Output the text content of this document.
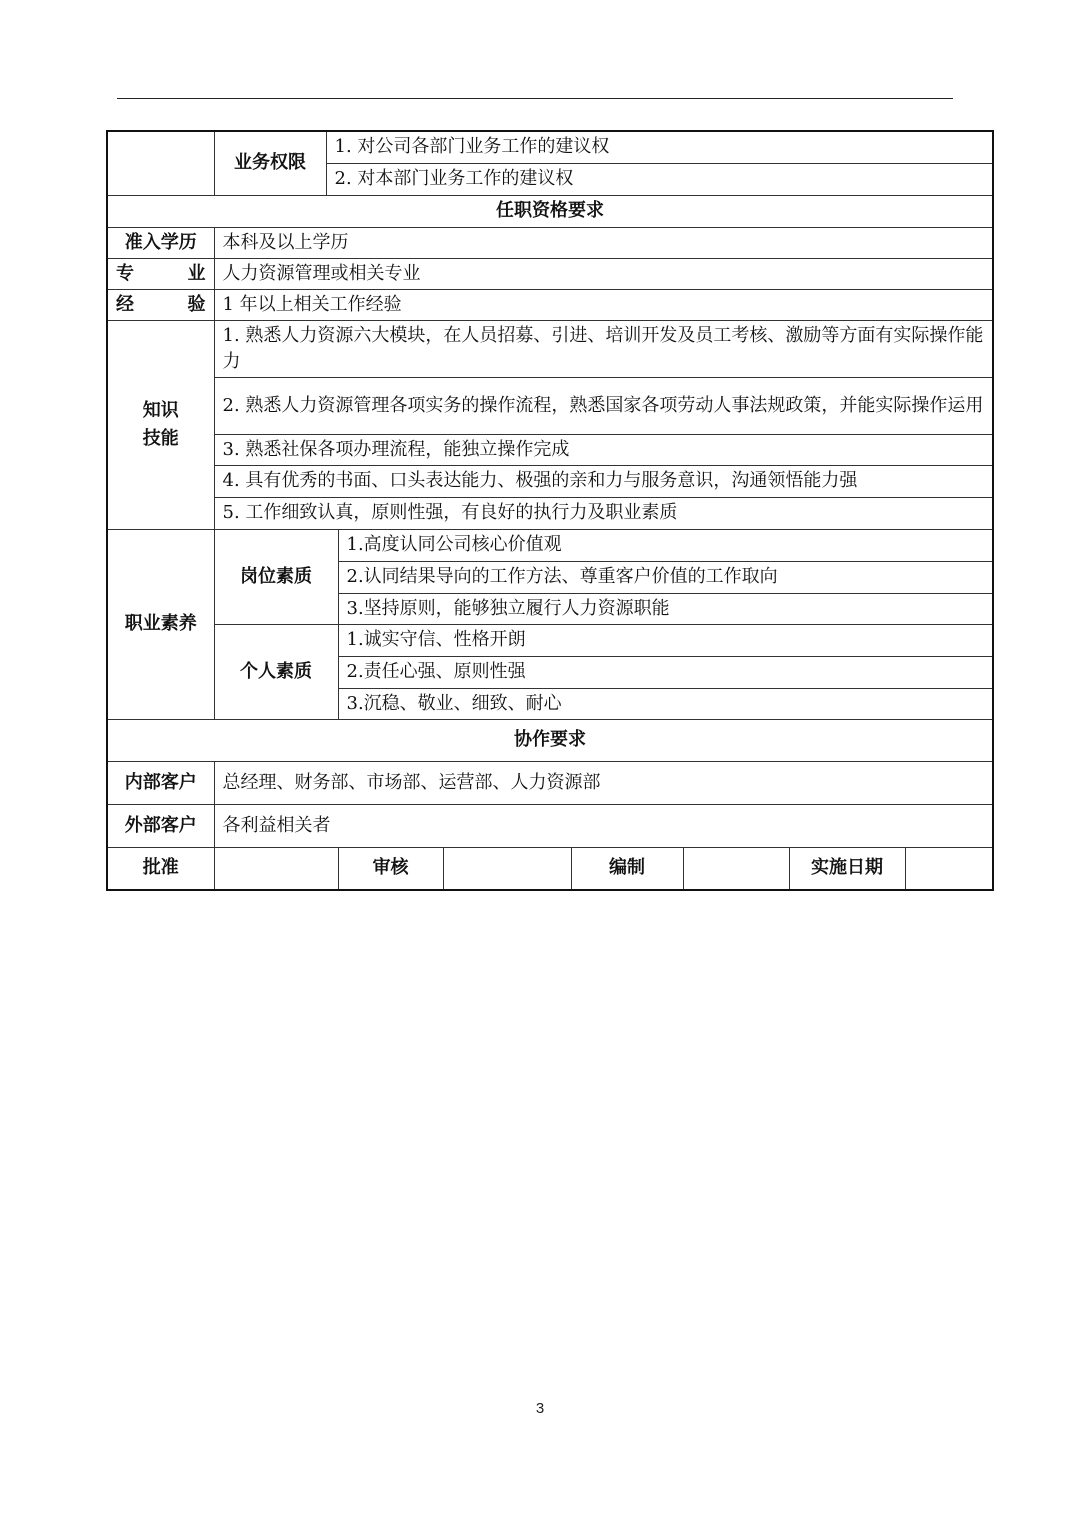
	业务权限	1. 对公司各部门业务工作的建议权						
		2. 对本部门业务工作的建议权						
任职资格要求								
准入学历	本科及以上学历							
专业	人力资源管理或相关专业							
经验	1 年以上相关工作经验							
知识
技能	1. 熟悉人力资源六大模块，在人员招募、引进、培训开发及员工考核、激励等方面有实际操作能力							
	2. 熟悉人力资源管理各项实务的操作流程，熟悉国家各项劳动人事法规政策，并能实际操作运用							
	3. 熟悉社保各项办理流程，能独立操作完成							
	4. 具有优秀的书面、口头表达能力、极强的亲和力与服务意识，沟通领悟能力强							
	5. 工作细致认真，原则性强，有良好的执行力及职业素质							
职业素养	岗位素质		1.高度认同公司核心价值观					
			2.认同结果导向的工作方法、尊重客户价值的工作取向					
			3.坚持原则，能够独立履行人力资源职能					
	个人素质		1.诚实守信、性格开朗					
			2.责任心强、原则性强					
			3.沉稳、敬业、细致、耐心					
协作要求								
内部客户	总经理、财务部、市场部、运营部、人力资源部							
外部客户	各利益相关者							
批准			审核		编制		实施日期	
3
